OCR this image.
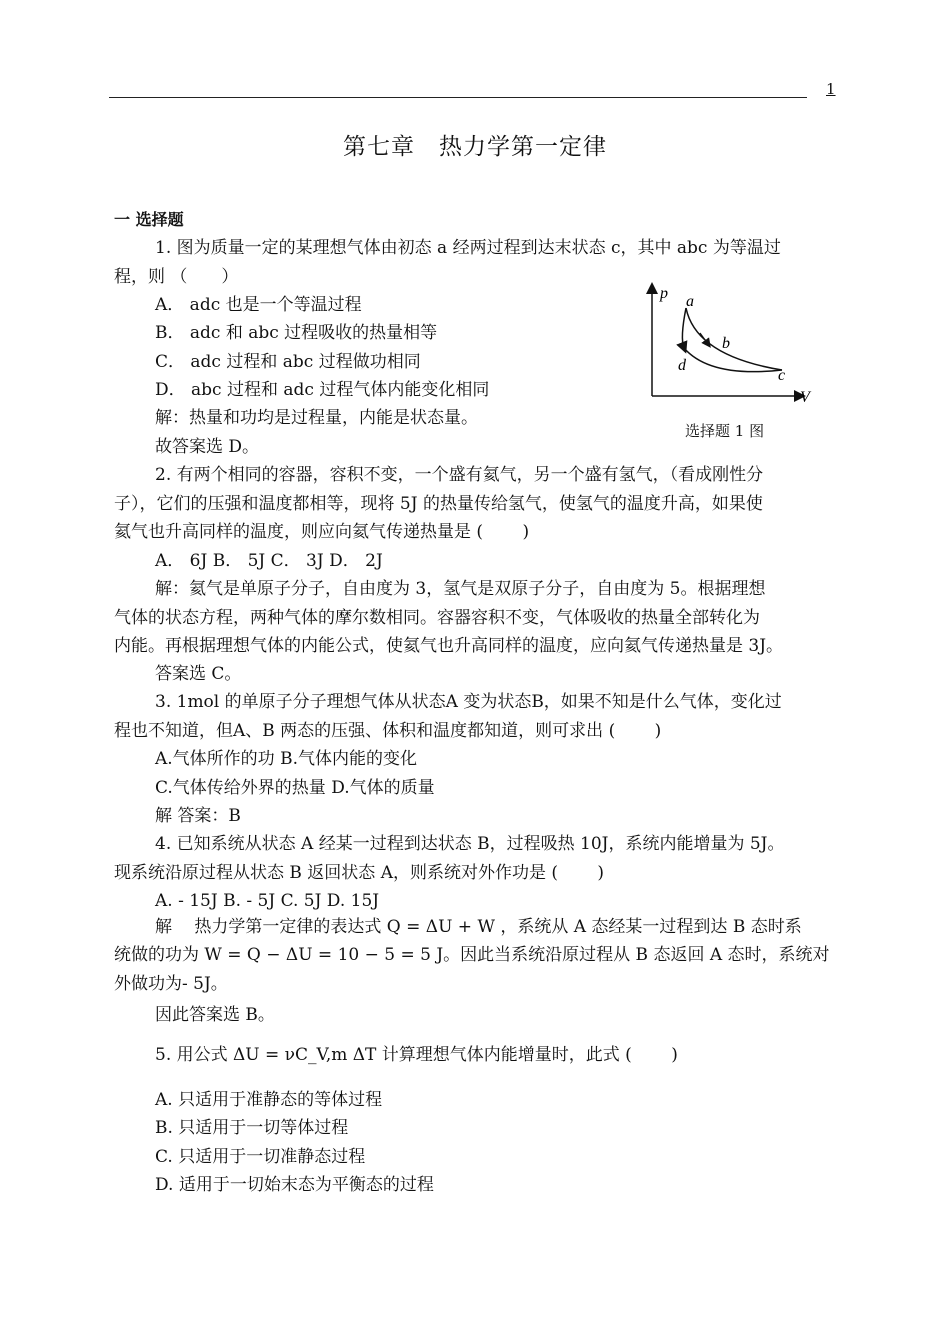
1
第七章　热力学第一定律
一 选择题
1. 图为质量一定的某理想气体由初态 a 经两过程到达末状态 c，其中 abc 为等温过
程，则 （　　）
A． adc 也是一个等温过程
B． adc 和 abc 过程吸收的热量相等
C． adc 过程和 abc 过程做功相同
D． abc 过程和 adc 过程气体内能变化相同
解：热量和功均是过程量，内能是状态量。
故答案选 D。
p
V
a
b
c
d
选择题 1 图
2. 有两个相同的容器，容积不变，一个盛有氦气，另一个盛有氢气，（看成刚性分
子），它们的压强和温度都相等，现将 5J 的热量传给氢气，使氢气的温度升高，如果使
氦气也升高同样的温度，则应向氦气传递热量是 (　　 )
A． 6J B． 5J C． 3J D． 2J
解：氦气是单原子分子，自由度为 3，氢气是双原子分子，自由度为 5。根据理想
气体的状态方程，两种气体的摩尔数相同。容器容积不变，气体吸收的热量全部转化为
内能。再根据理想气体的内能公式，使氦气也升高同样的温度，应向氦气传递热量是 3J。
答案选 C。
3. 1mol 的单原子分子理想气体从状态A 变为状态B，如果不知是什么气体，变化过
程也不知道，但A、B 两态的压强、体积和温度都知道，则可求出 (　　 )
A.气体所作的功 B.气体内能的变化
C.气体传给外界的热量 D.气体的质量
解 答案：B
4. 已知系统从状态 A 经某一过程到达状态 B，过程吸热 10J，系统内能增量为 5J。
现系统沿原过程从状态 B 返回状态 A，则系统对外作功是 (　　 )
A. - 15J B. - 5J C. 5J D. 15J
解　 热力学第一定律的表达式 Q = ΔU + W ，系统从 A 态经某一过程到达 B 态时系
统做的功为 W = Q − ΔU = 10 − 5 = 5 J。因此当系统沿原过程从 B 态返回 A 态时，系统对
外做功为- 5J。
因此答案选 B。
5. 用公式 ΔU = νC_V,m ΔT 计算理想气体内能增量时，此式 (　　 )
A. 只适用于准静态的等体过程
B. 只适用于一切等体过程
C. 只适用于一切准静态过程
D. 适用于一切始末态为平衡态的过程
